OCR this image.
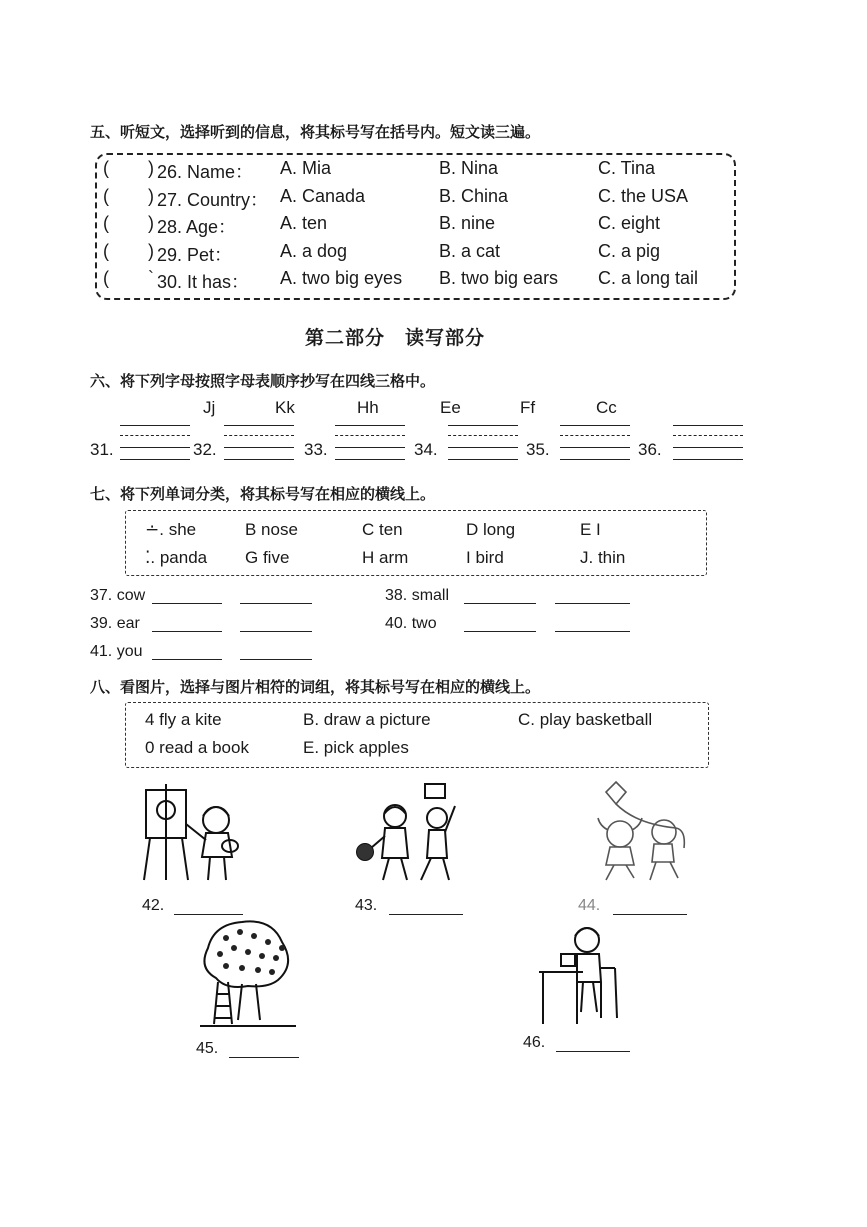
五、听短文，选择听到的信息，将其标号写在括号内。短文读三遍。
( ) 26. Name： A. Mia	B. Nina	C. Tina
( ) 27. Country： A. Canada	B. China	C. the USA
( ) 28. Age： A. ten	B. nine	C. eight
( ) 29. Pet：	A. a dog	B. a cat	C. a pig
( ` 30. It has： A. two big eyes B. two big ears C. a long tail
第二部分　读写部分
六、将下列字母按照字母表顺序抄写在四线三格中。
Jj	Kk	Hh	Ee	Ff	Cc
31.	32.	33.	34.	35.	36.
七、将下列单词分类，将其标号写在相应的横线上。
∸. she	B nose	C ten	D long	E I
⁚. panda G five	H arm	I bird	J. thin
37. cow	38. small
39. ear	40. two
41. you
八、看图片，选择与图片相符的词组，将其标号写在相应的横线上。
4 fly a kite	B. draw a picture	C. play basketball
0 read a book	E. pick apples
42.	43.	44.
45.	46.
